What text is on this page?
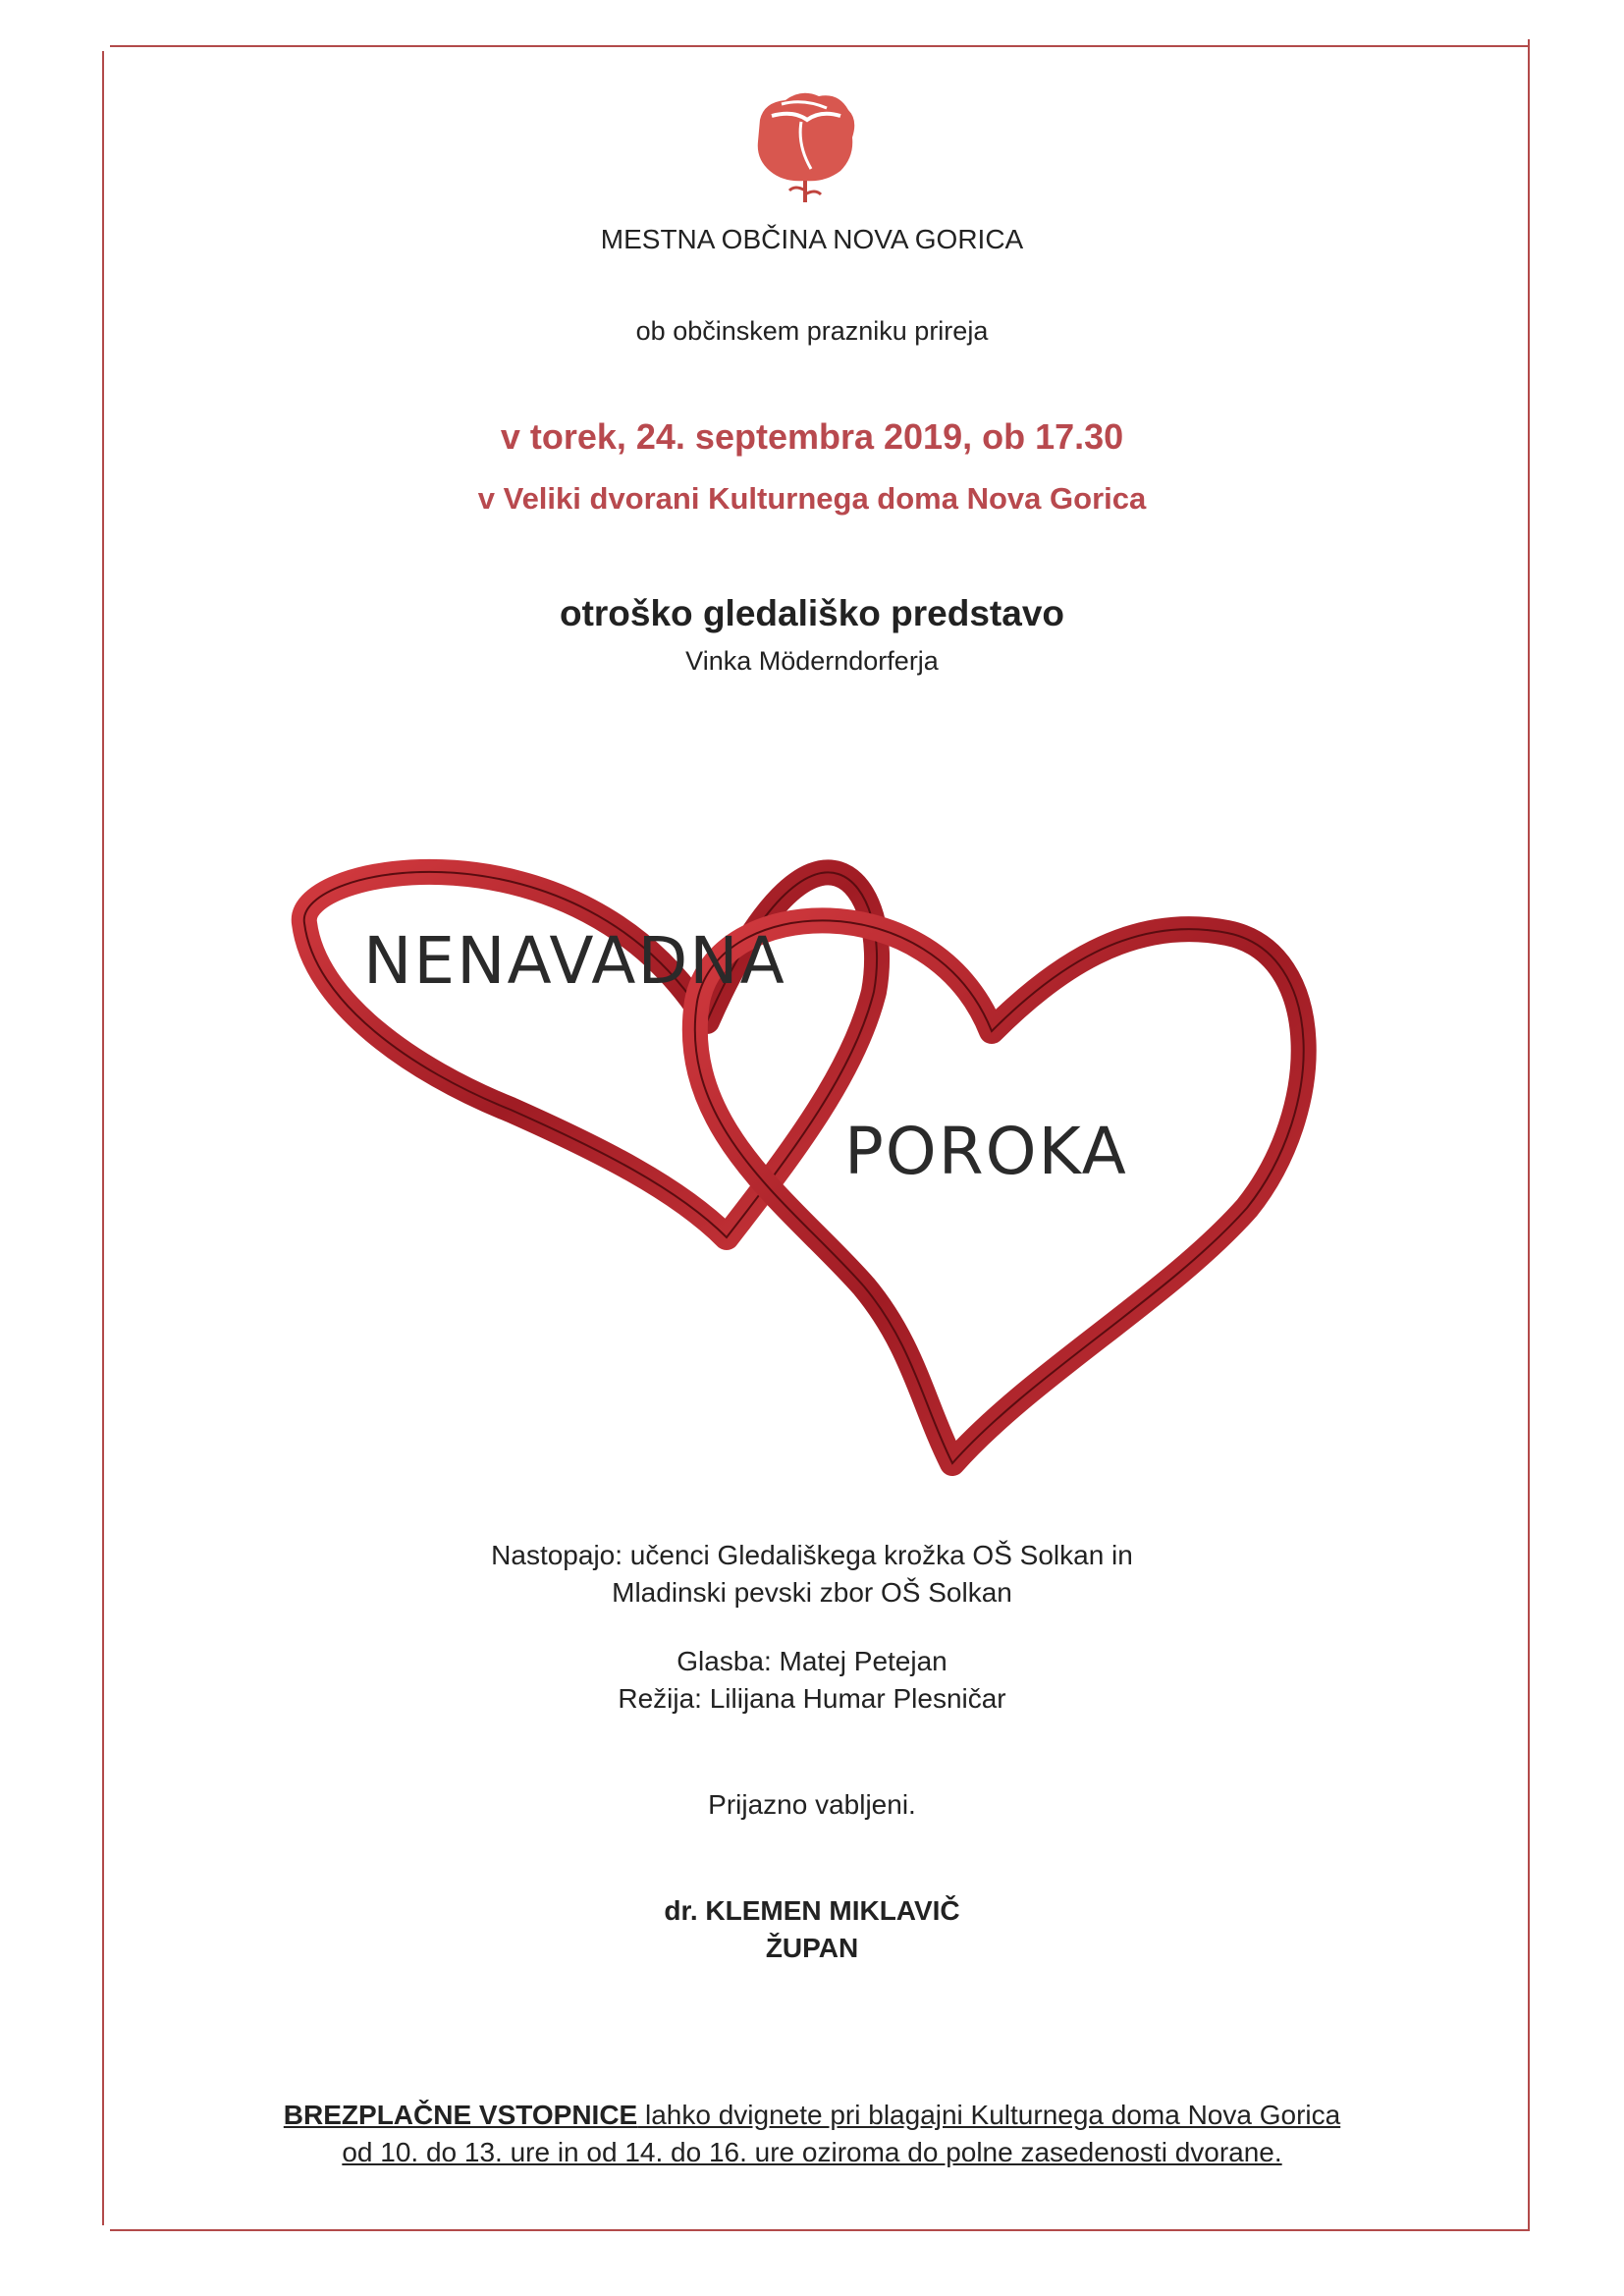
MESTNA OBČINA NOVA GORICA
ob občinskem prazniku prireja
v torek, 24. septembra 2019, ob 17.30
v Veliki dvorani Kulturnega doma Nova Gorica
otroško gledališko predstavo
Vinka Möderndorferja
NENAVADNA
POROKA
Nastopajo: učenci Gledališkega krožka OŠ Solkan in
Mladinski pevski zbor OŠ Solkan
Glasba: Matej Petejan
Režija: Lilijana Humar Plesničar
Prijazno vabljeni.
dr. KLEMEN MIKLAVIČ
ŽUPAN
BREZPLAČNE VSTOPNICE lahko dvignete pri blagajni Kulturnega doma Nova Gorica
od 10. do 13. ure in od 14. do 16. ure oziroma do polne zasedenosti dvorane.
